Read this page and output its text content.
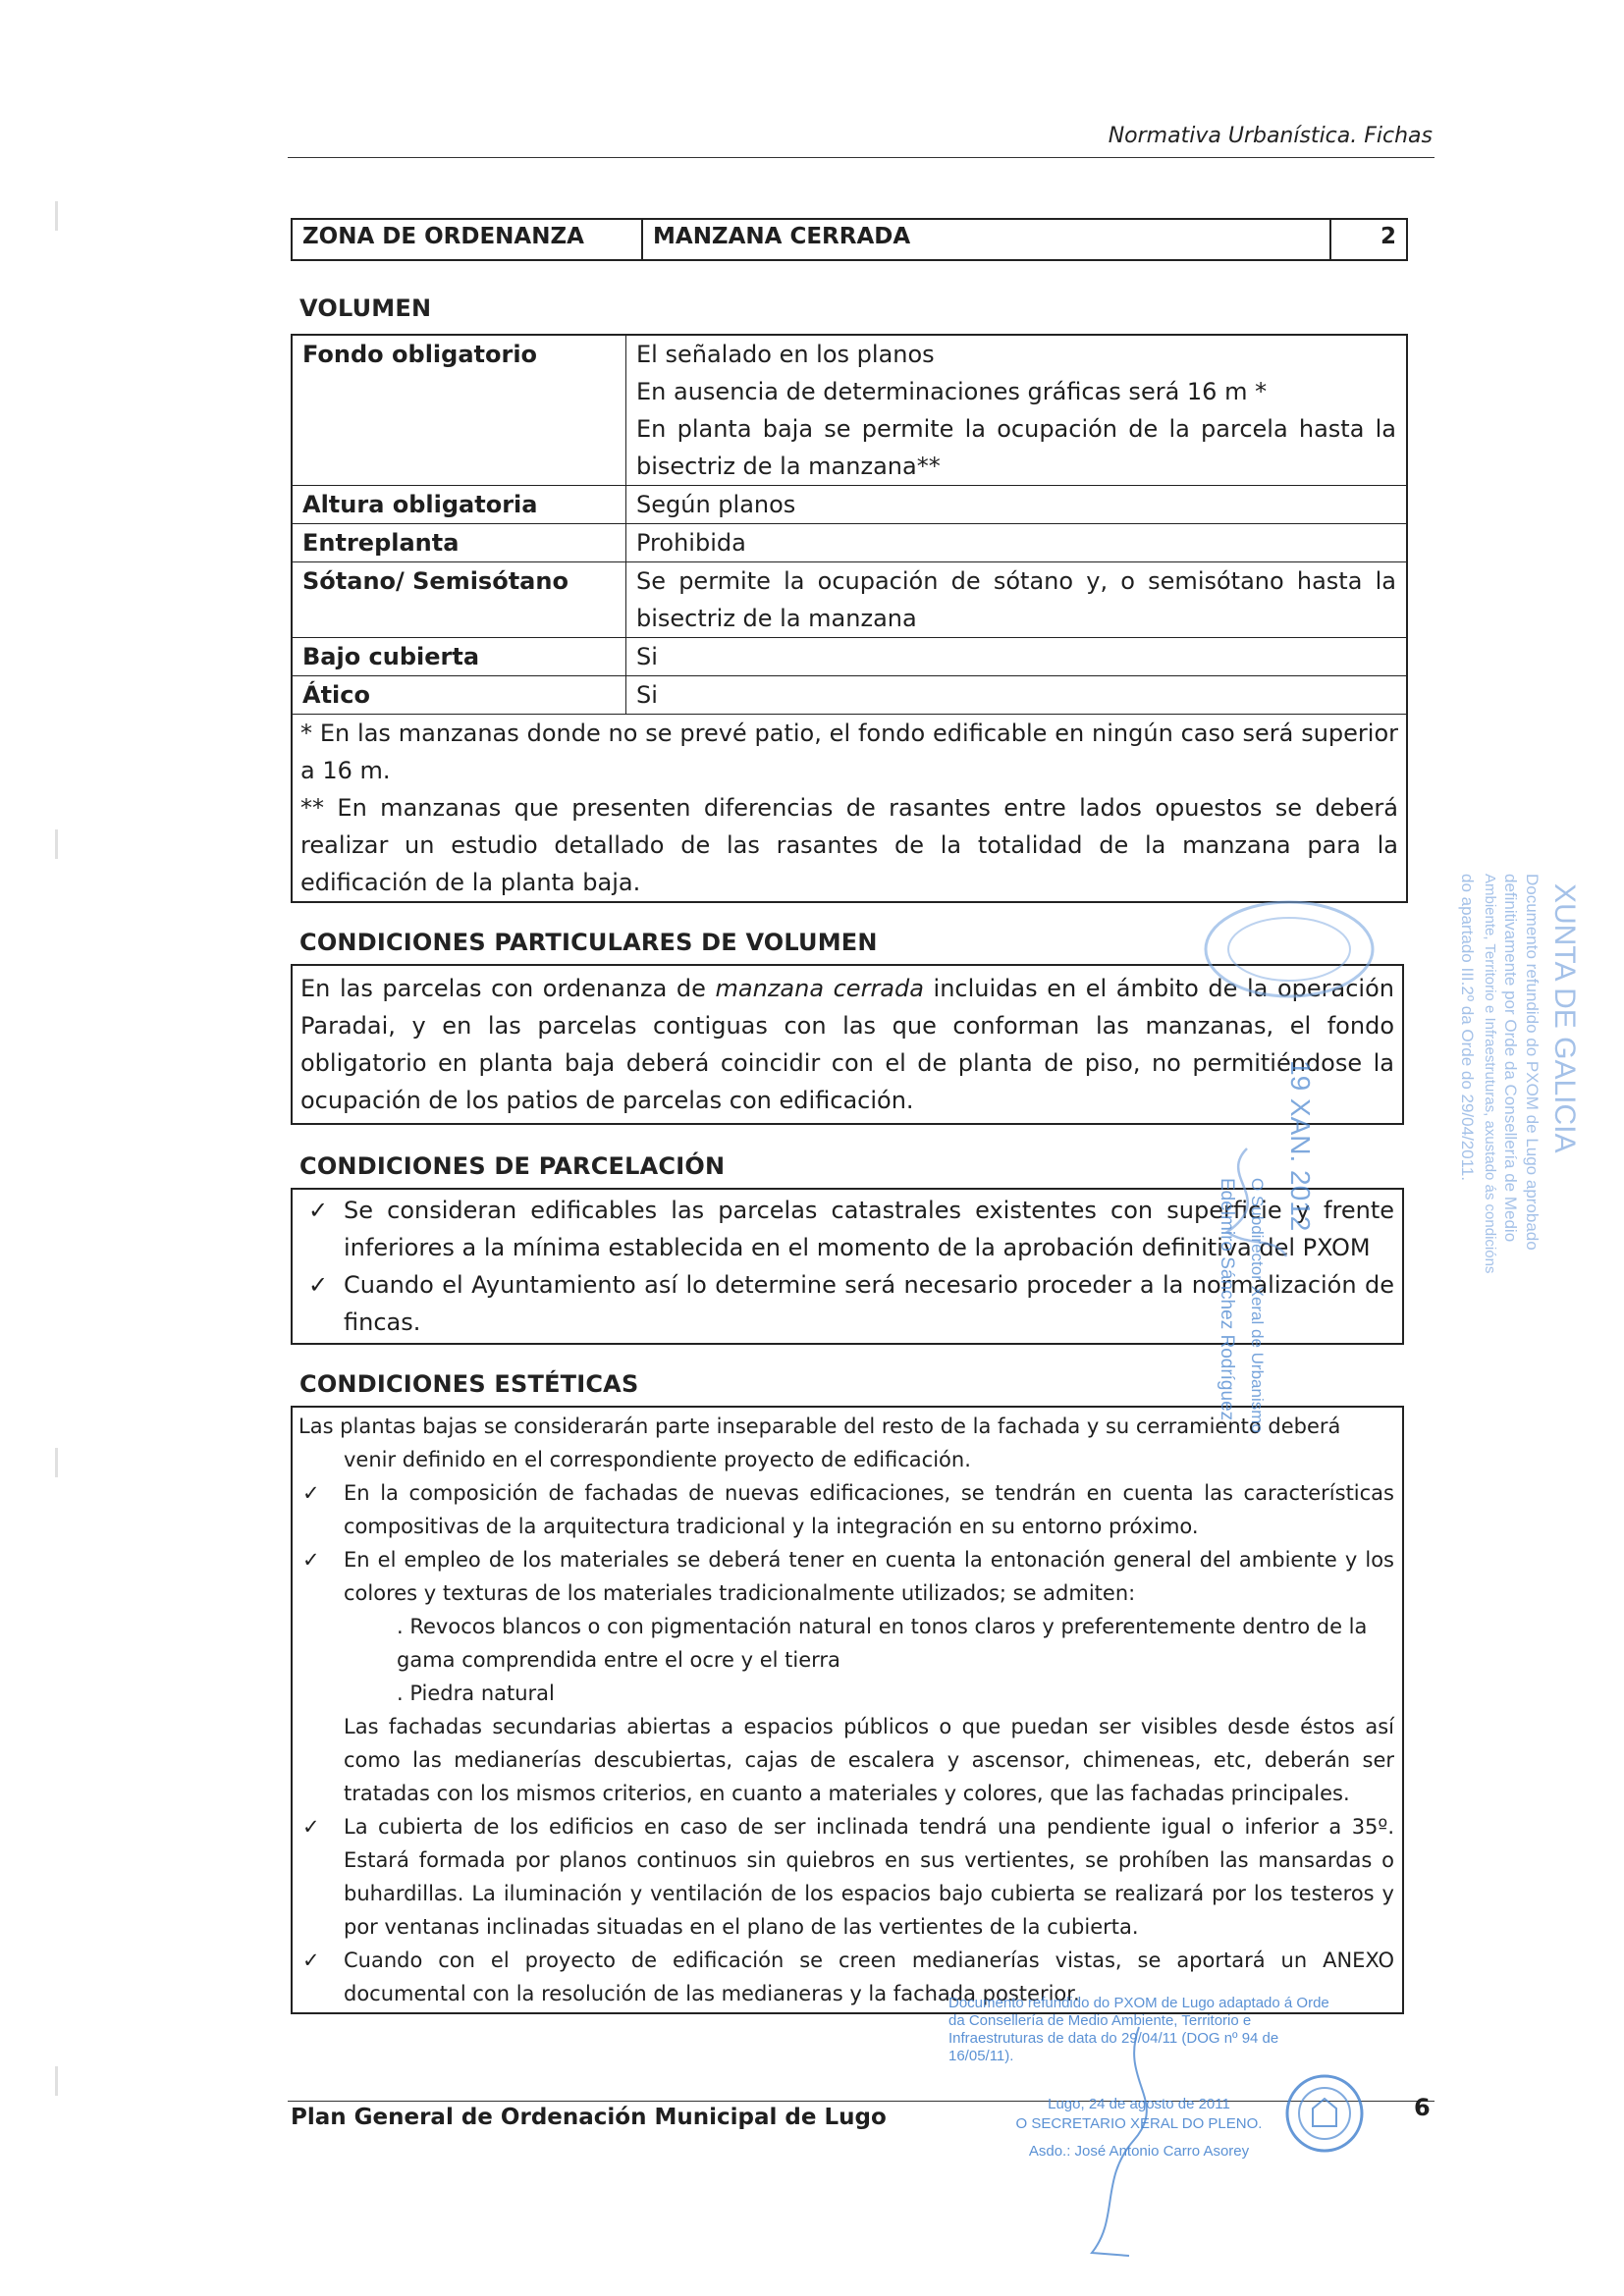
Normativa Urbanística. Fichas
ZONA DE ORDENANZA	MANZANA CERRADA	2
VOLUMEN
Fondo obligatorio	El señalado en los planos
En ausencia de determinaciones gráficas será 16 m *
En planta baja se permite la ocupación de la parcela hasta la bisectriz de la manzana**
Altura obligatoria	Según planos
Entreplanta	Prohibida
Sótano/ Semisótano	Se permite la ocupación de sótano y, o semisótano hasta la bisectriz de la manzana
Bajo cubierta	Si
Ático	Si
* En las manzanas donde no se prevé patio, el fondo edificable en ningún caso será superior a 16 m.
** En manzanas que presenten diferencias de rasantes entre lados opuestos se deberá realizar un estudio detallado de las rasantes de la totalidad de la manzana para la edificación de la planta baja.
CONDICIONES PARTICULARES DE VOLUMEN
En las parcelas con ordenanza de manzana cerrada incluidas en el ámbito de la operación Paradai, y en las parcelas contiguas con las que conforman las manzanas, el fondo obligatorio en planta baja deberá coincidir con el de planta de piso, no permitiéndose la ocupación de los patios de parcelas con edificación.
CONDICIONES DE PARCELACIÓN
✓ Se consideran edificables las parcelas catastrales existentes con superficie y frente inferiores a la mínima establecida en el momento de la aprobación definitiva del PXOM
✓ Cuando el Ayuntamiento así lo determine será necesario proceder a la normalización de fincas.
CONDICIONES ESTÉTICAS

Las plantas bajas se considerarán parte inseparable del resto de la fachada y su cerramiento deberá

venir definido en el correspondiente proyecto de edificación.

✓	En la composición de fachadas de nuevas edificaciones, se tendrán en cuenta las características compositivas de la arquitectura tradicional y la integración en su entorno próximo.
✓	En el empleo de los materiales se deberá tener en cuenta la entonación general del ambiente y los colores y texturas de los materiales tradicionalmente utilizados; se admiten:
. Revocos blancos o con pigmentación natural en tonos claros y preferentemente dentro de la gama comprendida entre el ocre y el tierra
. Piedra natural
Las fachadas secundarias abiertas a espacios públicos o que puedan ser visibles desde éstos así como las medianerías descubiertas, cajas de escalera y ascensor, chimeneas, etc, deberán ser tratadas con los mismos criterios, en cuanto a materiales y colores, que las fachadas principales.
✓	La cubierta de los edificios en caso de ser inclinada tendrá una pendiente igual o inferior a 35º. Estará formada por planos continuos sin quiebros en sus vertientes, se prohíben las mansardas o buhardillas. La iluminación y ventilación de los espacios bajo cubierta se realizará por los testeros y por ventanas inclinadas situadas en el plano de las vertientes de la cubierta.
✓	Cuando con el proyecto de edificación se creen medianerías vistas, se aportará un ANEXO documental con la resolución de las medianeras y la fachada posterior.
O Subdirector Xeral de Urbanismo
Edelmiro Sánchez Rodríguez
19 XAN. 2012	XUNTA DE GALICIA
Documento refundido do PXOM de Lugo aprobado
definitivamente por Orde da Consellería de Medio
Ambiente, Territorio e Infraestruturas, axustado ás condicións
do apartado III.2º da Orde do 29/04/2011.
Plan General de Ordenación Municipal de Lugo	6
Documento refundido do PXOM de Lugo adaptado á Orde
da Consellería de Medio Ambiente, Territorio e
Infraestruturas de data do 29/04/11 (DOG nº 94 de
16/05/11).
Lugo, 24 de agosto de 2011
O SECRETARIO XERAL DO PLENO.
Asdo.: José Antonio Carro Asorey
